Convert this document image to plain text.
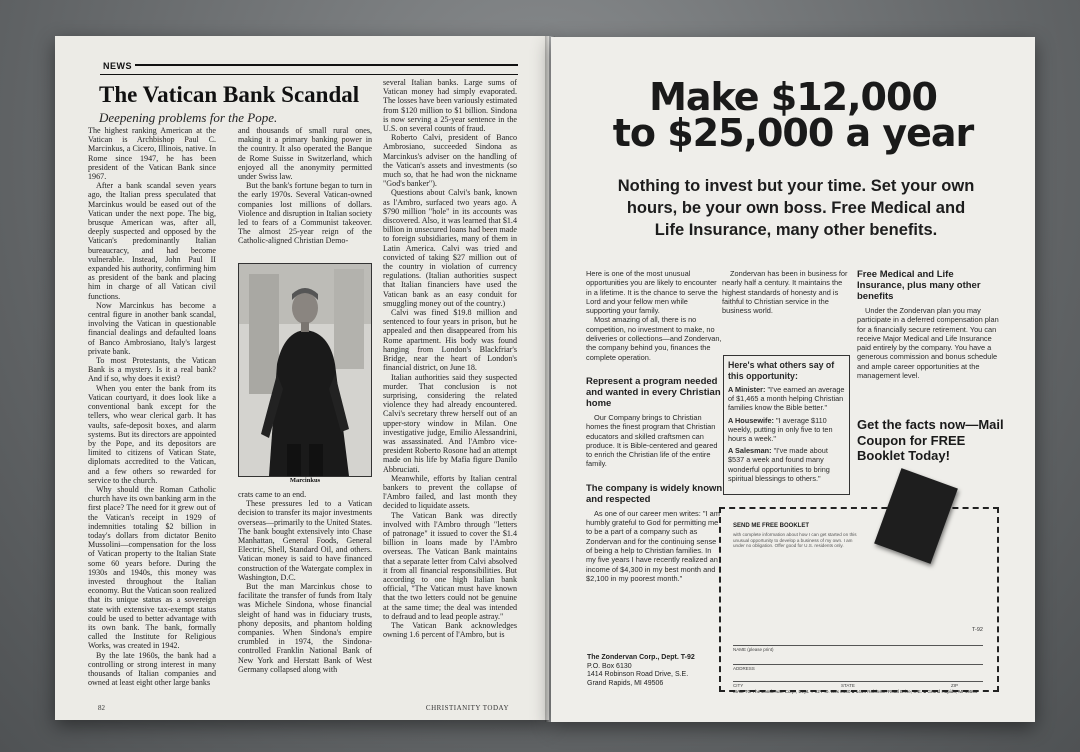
NEWS
The Vatican Bank Scandal
Deepening problems for the Pope.

The highest ranking American at the Vatican is Archbishop Paul C. Marcinkus, a Cicero, Illinois, native. In Rome since 1947, he has been president of the Vatican Bank since 1967.

After a bank scandal seven years ago, the Italian press speculated that Marcinkus would be eased out of the Vatican under the next pope. The big, brusque American was, after all, deeply suspected and opposed by the Vatican's predominantly Italian bureaucracy, and had become vulnerable. Instead, John Paul II expanded his authority, confirming him as president of the bank and placing him in charge of all Vatican civil functions.

Now Marcinkus has become a central figure in another bank scandal, involving the Vatican in questionable financial dealings and defaulted loans of Banco Ambrosiano, Italy's largest private bank.

To most Protestants, the Vatican Bank is a mystery. Is it a real bank? And if so, why does it exist?

When you enter the bank from its Vatican courtyard, it does look like a conventional bank except for the tellers, who wear clerical garb. It has vaults, safe-deposit boxes, and alarm systems. But its directors are appointed by the Pope, and its depositors are limited to citizens of Vatican State, diplomats accredited to the Vatican, and a few others so rewarded for service to the church.

Why should the Roman Catholic church have its own banking arm in the first place? The need for it grew out of the Vatican's receipt in 1929 of indemnities totaling $2 billion in today's dollars from dictator Benito Mussolini—compensation for the loss of Vatican property to the Italian State some 60 years before. During the 1930s and 1940s, this money was invested throughout the Italian economy. But the Vatican soon realized that its unique status as a sovereign state with extensive tax-exempt status could be used to better advantage with its own bank. The bank, formally called the Institute for Religious Works, was created in 1942.

By the late 1960s, the bank had a controlling or strong interest in many thousands of Italian companies and owned at least eight other large banks

and thousands of small rural ones, making it a primary banking power in the country. It also operated the Banque de Rome Suisse in Switzerland, which enjoyed all the anonymity permitted under Swiss law.

But the bank's fortune began to turn in the early 1970s. Several Vatican-owned companies lost millions of dollars. Violence and disruption in Italian society led to fears of a Communist takeover. The almost 25-year reign of the Catholic-aligned Christian Demo-

Marcinkus

crats came to an end.

These pressures led to a Vatican decision to transfer its major investments overseas—primarily to the United States. The bank bought extensively into Chase Manhattan, General Foods, General Electric, Shell, Standard Oil, and others. Vatican money is said to have financed construction of the Watergate complex in Washington, D.C.

But the man Marcinkus chose to facilitate the transfer of funds from Italy was Michele Sindona, whose financial sleight of hand was in fiduciary trusts, phony deposits, and phantom holding companies. When Sindona's empire crumbled in 1974, the Sindona-controlled Franklin National Bank of New York and Herstatt Bank of West Germany collapsed along with

several Italian banks. Large sums of Vatican money had simply evaporated. The losses have been variously estimated from $120 million to $1 billion. Sindona is now serving a 25-year sentence in the U.S. on several counts of fraud.

Roberto Calvi, president of Banco Ambrosiano, succeeded Sindona as Marcinkus's adviser on the handling of the Vatican's assets and investments (so much so, that he had won the nickname "God's banker").

Questions about Calvi's bank, known as l'Ambro, surfaced two years ago. A $790 million "hole" in its accounts was discovered. Also, it was learned that $1.4 billion in unsecured loans had been made to foreign subsidiaries, many of them in Latin America. Calvi was tried and convicted of taking $27 million out of the country in violation of currency regulations. (Italian authorities suspect that Italian financiers have used the Vatican bank as an easy conduit for smuggling money out of the country.)

Calvi was fined $19.8 million and sentenced to four years in prison, but he appealed and then disappeared from his Rome apartment. His body was found hanging from London's Blackfriar's Bridge, near the heart of London's financial district, on June 18.

Italian authorities said they suspected murder. That conclusion is not surprising, considering the related violence they had already encountered. Calvi's secretary threw herself out of an upper-story window in Milan. One investigative judge, Emilio Alessandrini, was assassinated. And l'Ambro vice-president Roberto Rosone had an attempt made on his life by Mafia figure Danilo Abbruciati.

Meanwhile, efforts by Italian central bankers to prevent the collapse of l'Ambro failed, and last month they decided to liquidate assets.

The Vatican Bank was directly involved with l'Ambro through "letters of patronage" it issued to cover the $1.4 billion in loans made by l'Ambro overseas. The Vatican Bank maintains that a separate letter from Calvi absolved it from all financial responsibilities. But according to one high Italian bank official, "The Vatican must have known that the two letters could not be genuine at the same time; the deal was intended to defraud and to lead people astray."

The Vatican Bank acknowledges owning 1.6 percent of l'Ambro, but is

82	CHRISTIANITY TODAY
Make $12,000
to $25,000 a year
Nothing to invest but your time. Set your own hours, be your own boss. Free Medical and Life Insurance, many other benefits.

Here is one of the most unusual opportunities you are likely to encounter in a lifetime. It is the chance to serve the Lord and your fellow men while supporting your family.

Most amazing of all, there is no competition, no investment to make, no deliveries or collections—and Zondervan, the company behind you, finances the complete operation.

Represent a program needed and wanted in every Christian home

Our Company brings to Christian homes the finest program that Christian educators and skilled craftsmen can produce. It is Bible-centered and geared to enrich the Christian life of the entire family.

The company is widely known and respected

As one of our career men writes: "I am humbly grateful to God for permitting me to be a part of a company such as Zondervan and for the continuing sense of being a help to Christian families. In my five years I have recently realized an income of $4,300 in my best month and $2,100 in my poorest month."

The Zondervan Corp., Dept. T-92
P.O. Box 6130
1414 Robinson Road Drive, S.E.
Grand Rapids, MI 49506

Zondervan has been in business for nearly half a century. It maintains the highest standards of honesty and is faithful to Christian service in the business world.

Here's what others say of this opportunity:

A Minister: "I've earned an average of $1,465 a month helping Christian families know the Bible better."

A Housewife: "I average $110 weekly, putting in only five to ten hours a week."

A Salesman: "I've made about $537 a week and found many wonderful opportunities to bring spiritual blessings to others."

Free Medical and Life Insurance, plus many other benefits

Under the Zondervan plan you may participate in a deferred compensation plan for a financially secure retirement. You can receive Major Medical and Life Insurance paid entirely by the company. You have a generous commission and bonus schedule and ample career opportunities at the management level.

Get the facts now—Mail Coupon for FREE Booklet Today!
SEND ME FREE BOOKLET
with complete information about how I can get started on this unusual opportunity to develop a business of my own. I am under no obligation. Offer good for U.S. residents only.
T-92
NAME (please print)
ADDRESS
CITY	STATE	ZIP
MAIL TO The Zondervan Corp., Dept. T-92 P.O. Box 6130 ■ 1414 Robinson Road Drive, S.E. ■ Grand Rapids, MI 49506
